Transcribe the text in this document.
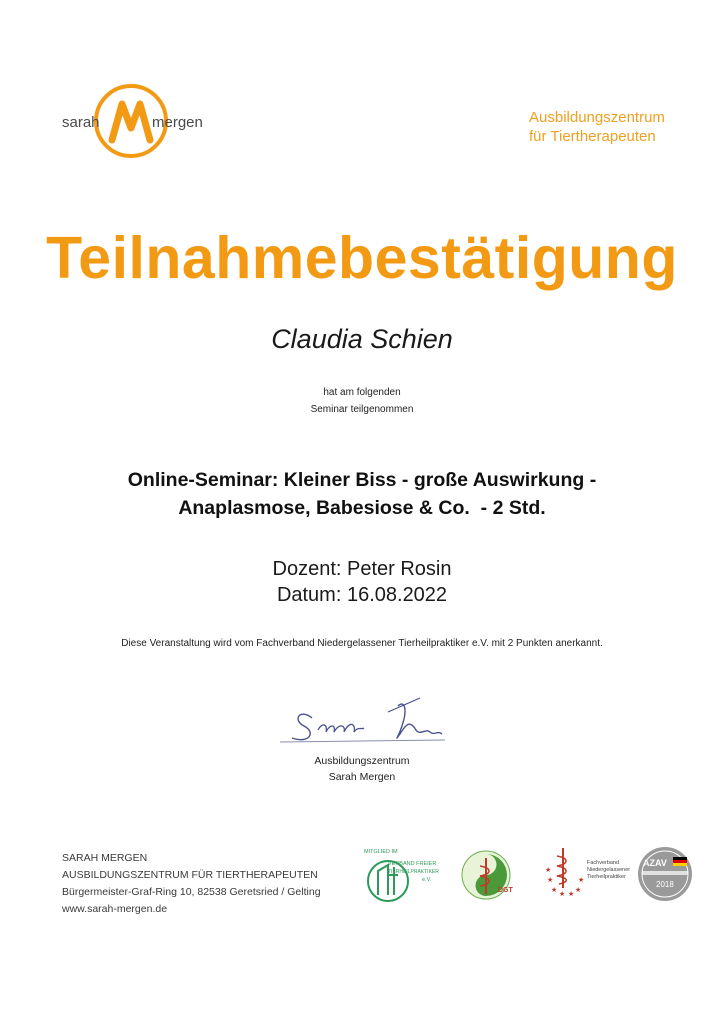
sarah	mergen	Ausbildungszentrum
für Tiertherapeuten
Teilnahmebestätigung
Claudia Schien
hat am folgenden
Seminar teilgenommen
Online-Seminar: Kleiner Biss - große Auswirkung -
Anaplasmose, Babesiose & Co.  - 2 Std.
Dozent: Peter Rosin
Datum: 16.08.2022
Diese Veranstaltung wird vom Fachverband Niedergelassener Tierheilpraktiker e.V. mit 2 Punkten anerkannt.
Ausbildungszentrum
Sarah Mergen
SARAH MERGEN
AUSBILDUNGSZENTRUM FÜR TIERTHERAPEUTEN
Bürgermeister-Graf-Ring 10, 82538 Geretsried / Gelting
www.sarah-mergen.de
MITGLIED IM
VERBAND FREIER
TIERHEILPRAKTIKER
e.V.
DGT
★
★
★ ★ ★ ★
★
Fachverband
Niedergelassener
Tierheilpraktiker
AZAV
2018
